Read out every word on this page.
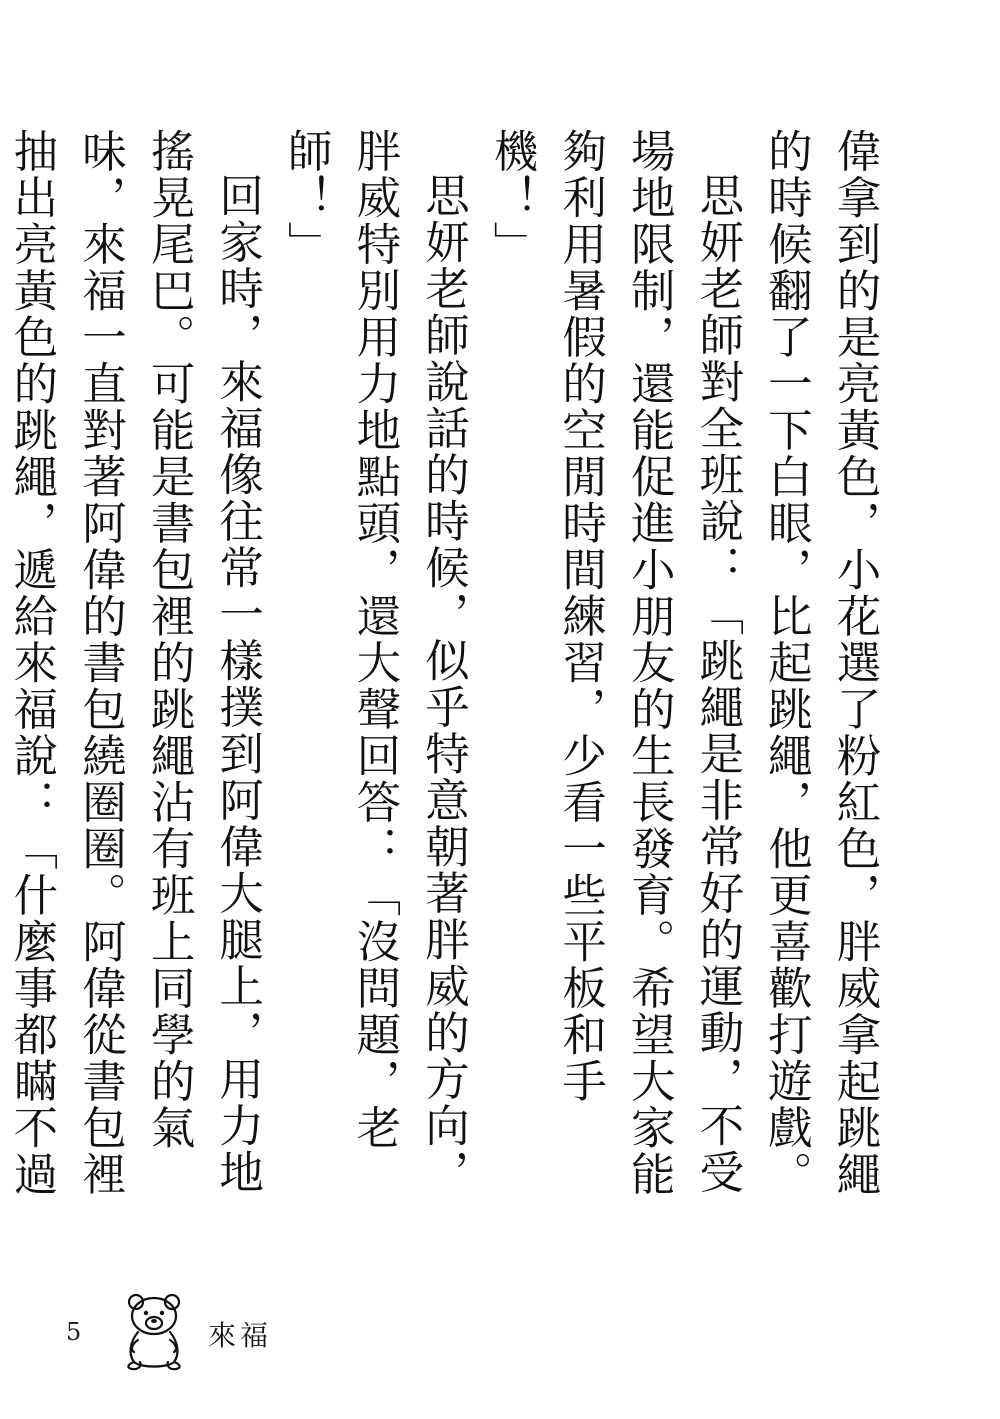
偉拿到的是亮黃色，小花選了粉紅色，胖威拿起跳繩的時候翻了一下白眼，比起跳繩，他更喜歡打遊戲。

思妍老師對全班說：「跳繩是非常好的運動，不受場地限制，還能促進小朋友的生長發育。希望大家能夠利用暑假的空閒時間練習，少看一些平板和手機！」

思妍老師說話的時候，似乎特意朝著胖威的方向，胖威特別用力地點頭，還大聲回答：「沒問題，老師！」

回家時，來福像往常一樣撲到阿偉大腿上，用力地搖晃尾巴。可能是書包裡的跳繩沾有班上同學的氣味，來福一直對著阿偉的書包繞圈圈。阿偉從書包裡抽出亮黃色的跳繩，遞給來福說：「什麼事都瞞不過

5	來福
